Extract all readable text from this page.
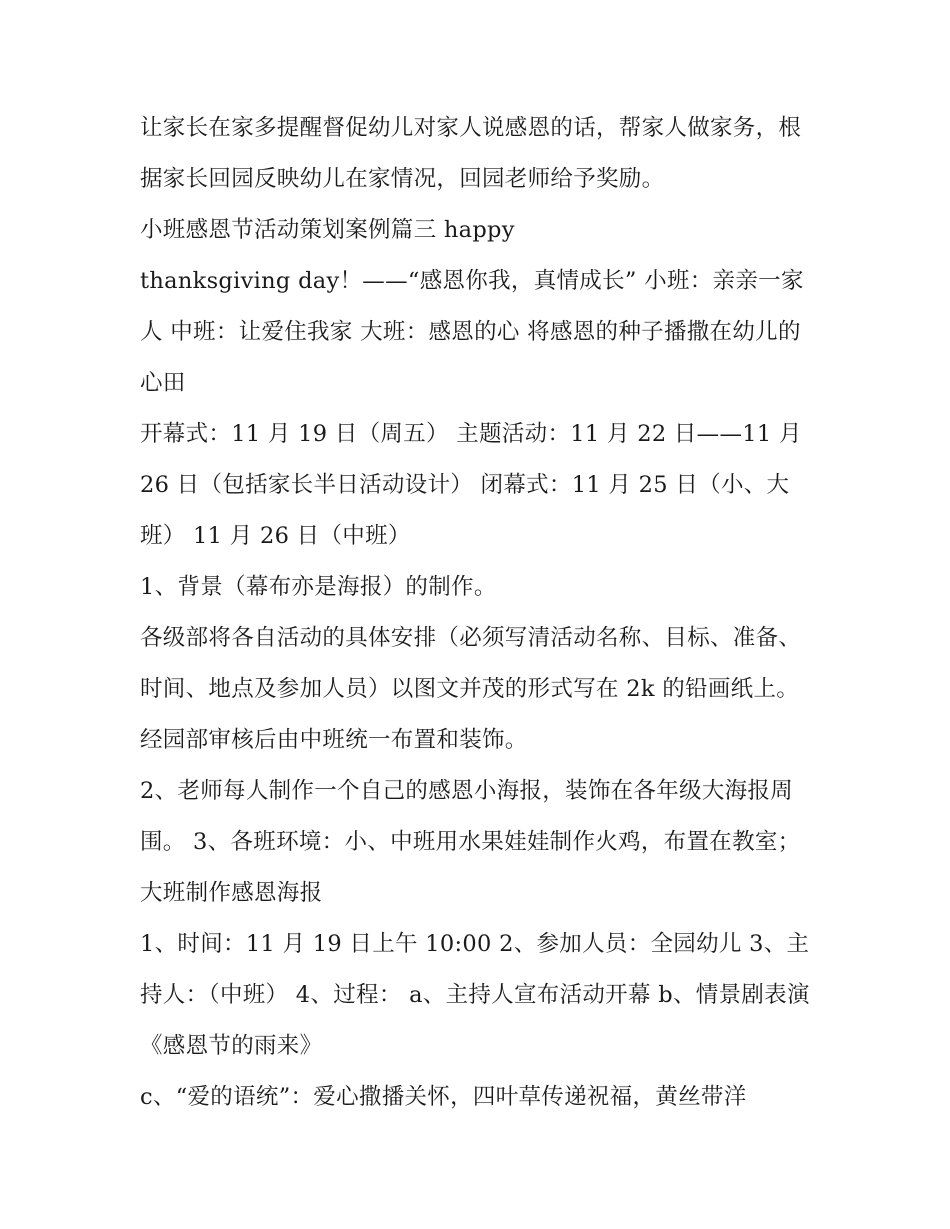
让家长在家多提醒督促幼儿对家人说感恩的话，帮家人做家务，根据家长回园反映幼儿在家情况，回园老师给予奖励。

小班感恩节活动策划案例篇三 happy

thanksgiving day！——“感恩你我，真情成长” 小班：亲亲一家人 中班：让爱住我家 大班：感恩的心 将感恩的种子播撒在幼儿的心田

开幕式：11 月 19 日（周五） 主题活动：11 月 22 日——11 月 26 日（包括家长半日活动设计） 闭幕式：11 月 25 日（小、大班） 11 月 26 日（中班）

1、背景（幕布亦是海报）的制作。

各级部将各自活动的具体安排（必须写清活动名称、目标、准备、时间、地点及参加人员）以图文并茂的形式写在 2k 的铅画纸上。经园部审核后由中班统一布置和装饰。

2、老师每人制作一个自己的感恩小海报，装饰在各年级大海报周围。 3、各班环境：小、中班用水果娃娃制作火鸡，布置在教室； 大班制作感恩海报

1、时间：11 月 19 日上午 10:00 2、参加人员：全园幼儿 3、主持人：（中班） 4、过程： a、主持人宣布活动开幕 b、情景剧表演《感恩节的雨来》

c、“爱的语统”：爱心撒播关怀，四叶草传递祝福，黄丝带洋
